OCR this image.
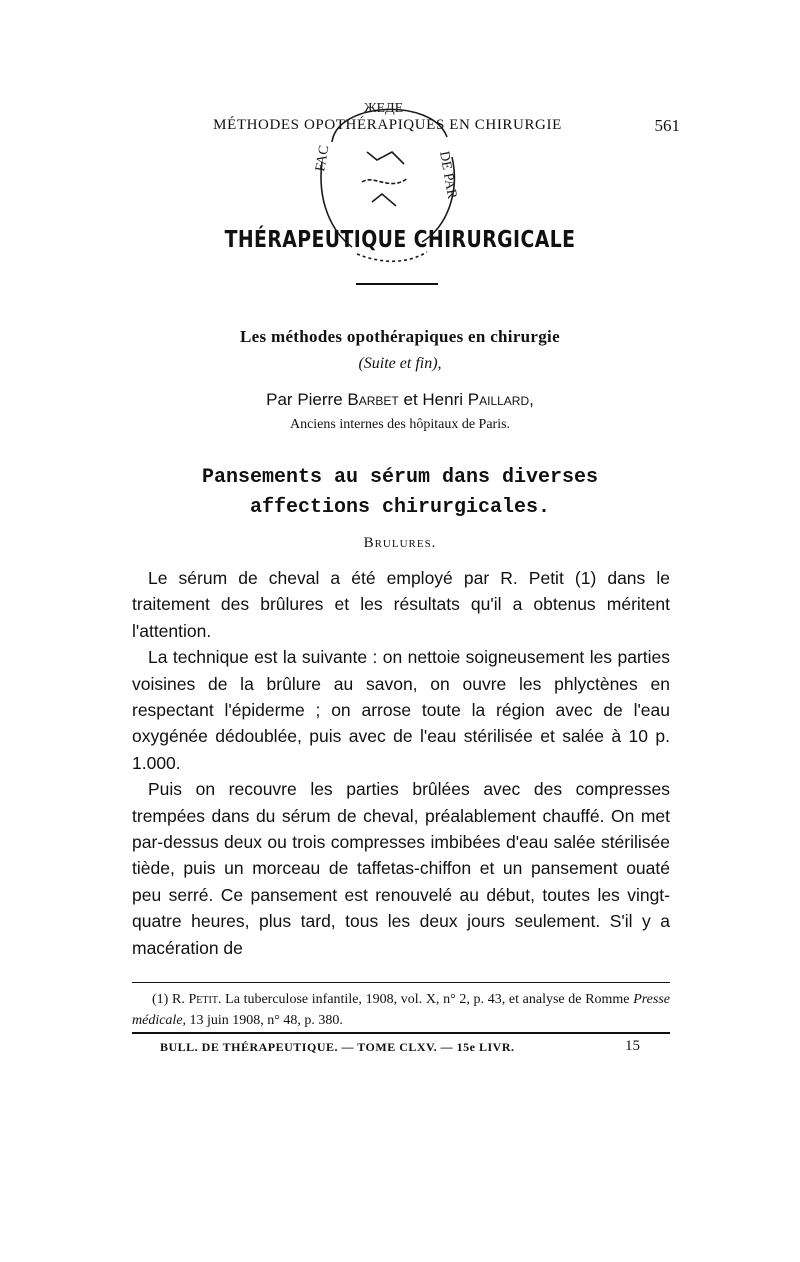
MÉTHODES OPOTHÉRAPIQUES EN CHIRURGIE	561
ЖЕДЕ
FAC	DE PAR
THÉRAPEUTIQUE CHIRURGICALE
Les méthodes opothérapiques en chirurgie
(Suite et fin),
Par Pierre Barbet et Henri Paillard,
Anciens internes des hôpitaux de Paris.
Pansements au sérum dans diverses
affections chirurgicales.
Brulures.

Le sérum de cheval a été employé par R. Petit (1) dans le traitement des brûlures et les résultats qu'il a obtenus méritent l'attention.

La technique est la suivante : on nettoie soigneusement les parties voisines de la brûlure au savon, on ouvre les phlyctènes en respectant l'épiderme ; on arrose toute la région avec de l'eau oxygénée dédoublée, puis avec de l'eau stérilisée et salée à 10 p. 1.000.

Puis on recouvre les parties brûlées avec des compresses trempées dans du sérum de cheval, préalablement chauffé. On met par-dessus deux ou trois compresses imbibées d'eau salée stérilisée tiède, puis un morceau de taffetas-chiffon et un pansement ouaté peu serré. Ce pansement est renouvelé au début, toutes les vingt-quatre heures, plus tard, tous les deux jours seulement. S'il y a macération de

(1) R. Petit. La tuberculose infantile, 1908, vol. X, n° 2, p. 43, et analyse de Romme Presse médicale, 13 juin 1908, n° 48, p. 380.
BULL. DE THÉRAPEUTIQUE. — TOME CLXV. — 15e LIVR.	15
